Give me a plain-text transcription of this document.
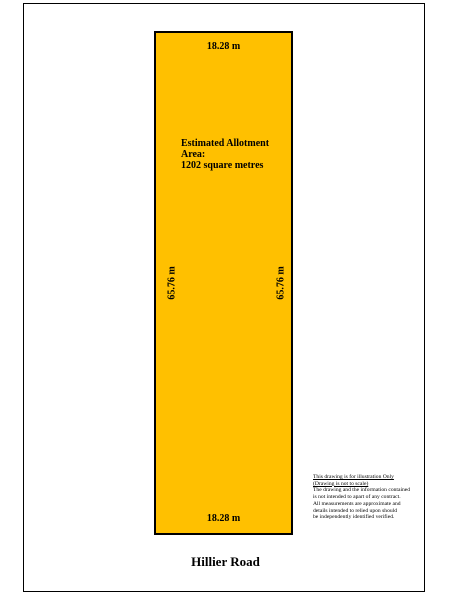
18.28 m
65.76 m	65.76 m
Estimated Allotment
Area:
1202 square metres
18.28 m
This drawing is for illustration Only
(Drawing is not to scale)
The drawing and the information contained
is not intended to apart of any contract.
All measurements are approximate and
details intended to relied upon should
be independently identified verified.
Hillier Road
